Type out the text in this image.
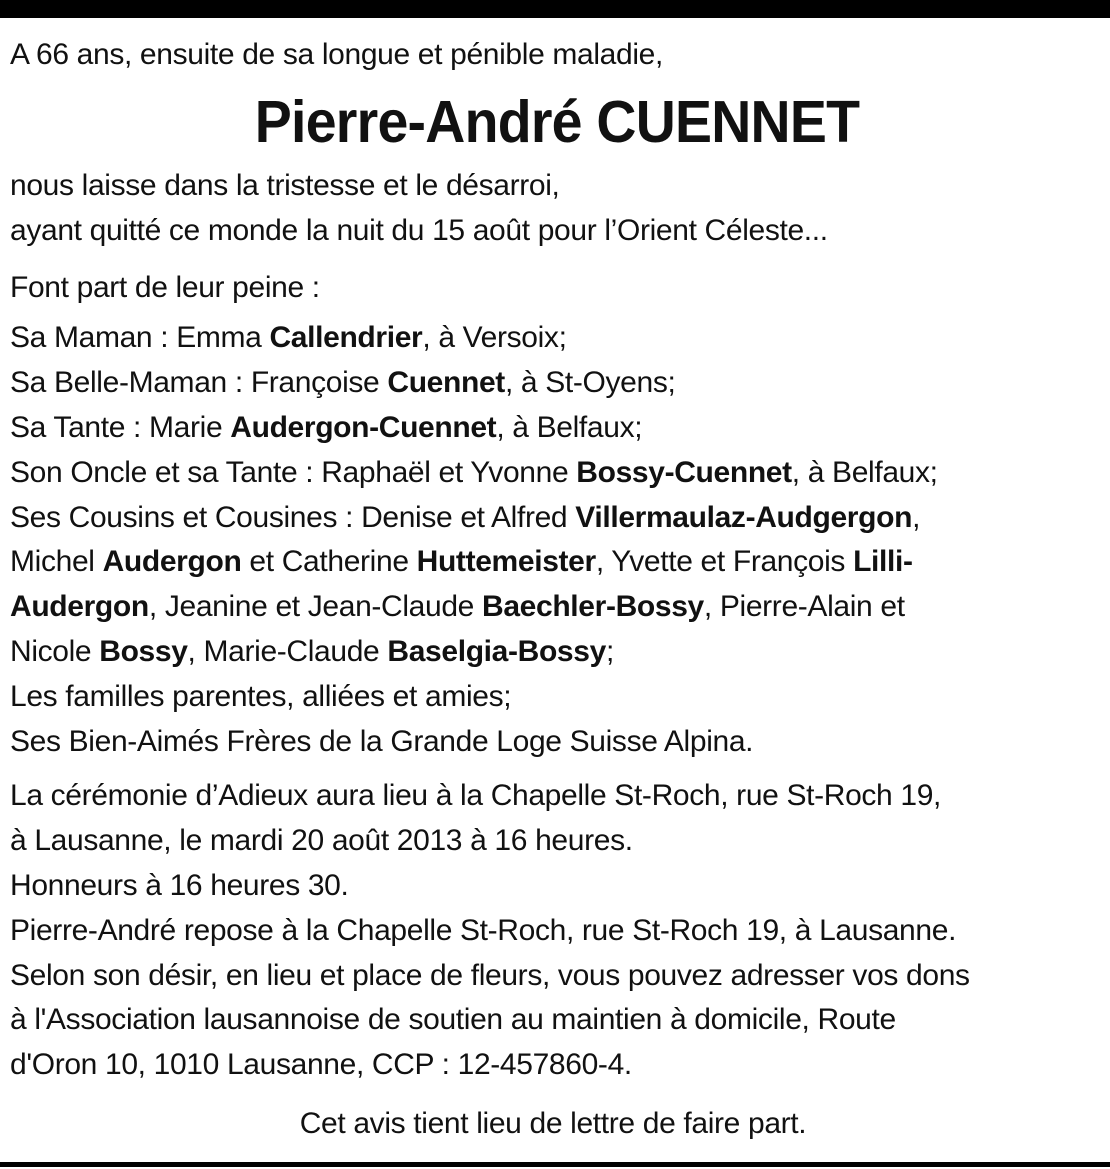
A 66 ans, ensuite de sa longue et pénible maladie,

Pierre-André CUENNET

nous laisse dans la tristesse et le désarroi,
ayant quitté ce monde la nuit du 15 août pour l’Orient Céleste...
Font part de leur peine :
Sa Maman : Emma Callendrier, à Versoix;
Sa Belle-Maman : Françoise Cuennet, à St-Oyens;
Sa Tante : Marie Audergon-Cuennet, à Belfaux;
Son Oncle et sa Tante : Raphaël et Yvonne Bossy-Cuennet, à Belfaux;
Ses Cousins et Cousines : Denise et Alfred Villermaulaz-Audgergon,
Michel Audergon et Catherine Huttemeister, Yvette et François Lilli-
Audergon, Jeanine et Jean-Claude Baechler-Bossy, Pierre-Alain et
Nicole Bossy, Marie-Claude Baselgia-Bossy;
Les familles parentes, alliées et amies;
Ses Bien-Aimés Frères de la Grande Loge Suisse Alpina.
La cérémonie d’Adieux aura lieu à la Chapelle St-Roch, rue St-Roch 19,
à Lausanne, le mardi 20 août 2013 à 16 heures.
Honneurs à 16 heures 30.
Pierre-André repose à la Chapelle St-Roch, rue St-Roch 19, à Lausanne.
Selon son désir, en lieu et place de fleurs, vous pouvez adresser vos dons
à l'Association lausannoise de soutien au maintien à domicile, Route
d'Oron 10, 1010 Lausanne, CCP : 12-457860-4.

Cet avis tient lieu de lettre de faire part.
